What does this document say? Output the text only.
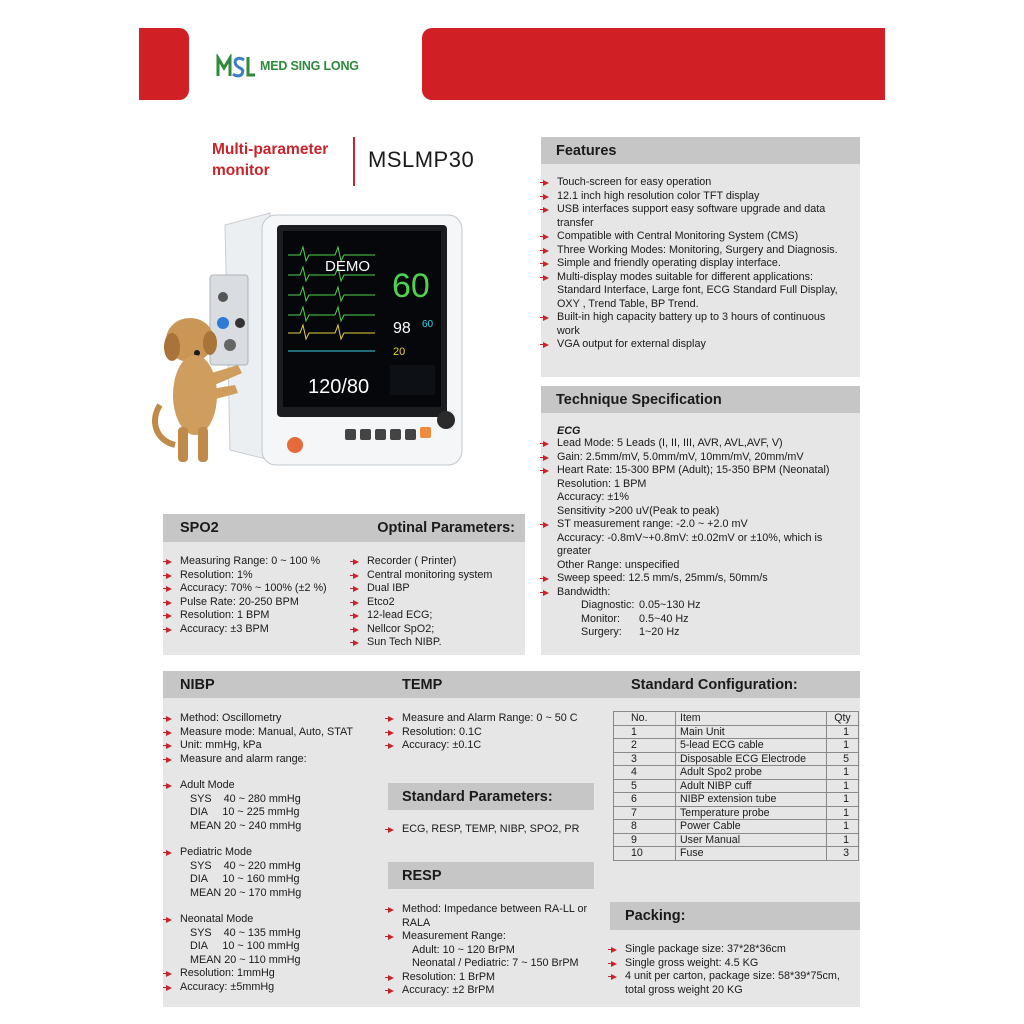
MED SING LONG
Multi-parameter
monitor	MSLMP30
DEMO
60
98 60
20
120/80
Features
Touch-screen for easy operation
12.1 inch high resolution color TFT display
USB interfaces support easy software upgrade and data transfer
Compatible with Central Monitoring System (CMS)
Three Working Modes: Monitoring, Surgery and Diagnosis.
Simple and friendly operating display interface.
Multi-display modes suitable for different applications: Standard Interface, Large font, ECG Standard Full Display, OXY , Trend Table, BP Trend.
Built-in high capacity battery up to 3 hours of continuous work
VGA output for external display
Technique Specification
ECG
Lead Mode: 5 Leads (I, II, III, AVR, AVL,AVF, V)
Gain: 2.5mm/mV, 5.0mm/mV, 10mm/mV, 20mm/mV
Heart Rate: 15-300 BPM (Adult); 15-350 BPM (Neonatal)
Resolution: 1 BPM
Accuracy: ±1%
Sensitivity >200 uV(Peak to peak)
ST measurement range: -2.0 ~ +2.0 mV
Accuracy: -0.8mV~+0.8mV: ±0.02mV or ±10%, which is greater
Other Range: unspecified
Sweep speed: 12.5 mm/s, 25mm/s, 50mm/s
Bandwidth:
Diagnostic: 0.05~130 Hz
Monitor: 0.5~40 Hz
Surgery: 1~20 Hz
SPO2	Optinal Parameters:
Measuring Range: 0 ~ 100 %
Resolution: 1%
Accuracy: 70% ~ 100% (±2 %)
Pulse Rate: 20-250 BPM
Resolution: 1 BPM
Accuracy: ±3 BPM
Recorder ( Printer)
Central monitoring system
Dual IBP
Etco2
12-lead ECG;
Nellcor SpO2;
Sun Tech NIBP.
NIBP	TEMP	Standard Configuration:
Method: Oscillometry
Measure mode: Manual, Auto, STAT
Unit: mmHg, kPa
Measure and alarm range:
Adult Mode
SYS    40 ~ 280 mmHg
DIA     10 ~ 225 mmHg
MEAN 20 ~ 240 mmHg
Pediatric Mode
SYS    40 ~ 220 mmHg
DIA     10 ~ 160 mmHg
MEAN 20 ~ 170 mmHg
Neonatal Mode
SYS    40 ~ 135 mmHg
DIA     10 ~ 100 mmHg
MEAN 20 ~ 110 mmHg
Resolution: 1mmHg
Accuracy: ±5mmHg
Measure and Alarm Range: 0 ~ 50 C
Resolution: 0.1C
Accuracy: ±0.1C
Standard Parameters:
ECG, RESP, TEMP, NIBP, SPO2, PR
RESP
Method: Impedance between RA-LL or RALA
Measurement Range:
Adult: 10 ~ 120 BrPM
Neonatal / Pediatric: 7 ~ 150 BrPM
Resolution: 1 BrPM
Accuracy: ±2 BrPM
No.	Item	Qty
1	Main Unit	1
2	5-lead ECG cable	1
3	Disposable ECG Electrode	5
4	Adult Spo2 probe	1
5	Adult NIBP cuff	1
6	NIBP extension tube	1
7	Temperature probe	1
8	Power Cable	1
9	User Manual	1
10	Fuse	3
Packing:
Single package size: 37*28*36cm
Single gross weight: 4.5 KG
4 unit per carton, package size: 58*39*75cm, total gross weight 20 KG
